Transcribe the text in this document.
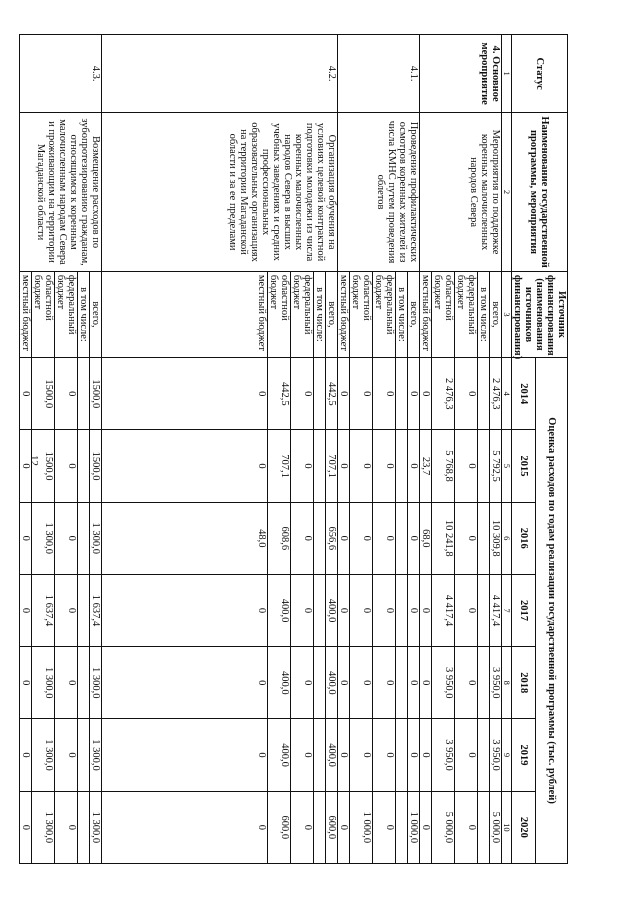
12
Статус	Наименование государственной программы, мероприятия	Источник финансирования (наименования источников финансирования)	Оценка расходов по годам реализации государственной программы (тыс. рублей)						
			2014	2015	2016	2017	2018	2019	2020
1	2	3	4	5	6	7	8	9	10
4. Основное мероприятие	Мероприятия по поддержке коренных малочисленных народов Севера	всего,	2 476,3	5 792,5	10 309,8	4 417,4	3 950,0	3 950,0	5 000,0
		в том числе:							
		федеральный бюджет	0	0	0	0	0	0	0
		областной бюджет	2 476,3	5 768,8	10 241,8	4 417,4	3 950,0	3 950,0	5 000,0
		местный бюджет	0	23,7	68,0	0	0	0	0
4.1.	Проведение профилактических осмотров коренных жителей из числа КМНС путем проведения облетов	всего,	0	0	0	0	0	0	1 000,0
		в том числе:							
		федеральный бюджет	0	0	0	0	0	0	0
		областной бюджет	0	0	0	0	0	0	1 000,0
		местный бюджет	0	0	0	0	0	0	0
4.2.	Организация обучения на условиях целевой контрактной подготовки молодежи из числа коренных малочисленных народов Севера в высших учебных заведениях и средних профессиональных образовательных организациях на территории Магаданской области и за ее пределами	всего,	442,5	707,1	656,6	400,0	400,0	400,0	600,0
		в том числе:							
		федеральный бюджет	0	0	0	0	0	0	0
		областной бюджет	442,5	707,1	608,6	400,0	400,0	400,0	600,0
		местный бюджет	0	0	48,0	0	0	0	0
4.3.	Возмещение расходов по зубопротезированию гражданам, относящимся к коренным малочисленным народам Севера и проживающим на территории Магаданской области	всего,	1500,0	1500,0	1 300,0	1 637,4	1 300,0	1 300,0	1 300,0
		в том числе:							
		федеральный бюджет	0	0	0	0	0	0	0
		областной бюджет	1500,0	1500,0	1 300,0	1 637,4	1 300,0	1 300,0	1 300,0
		местный бюджет	0	0	0	0	0	0	0
